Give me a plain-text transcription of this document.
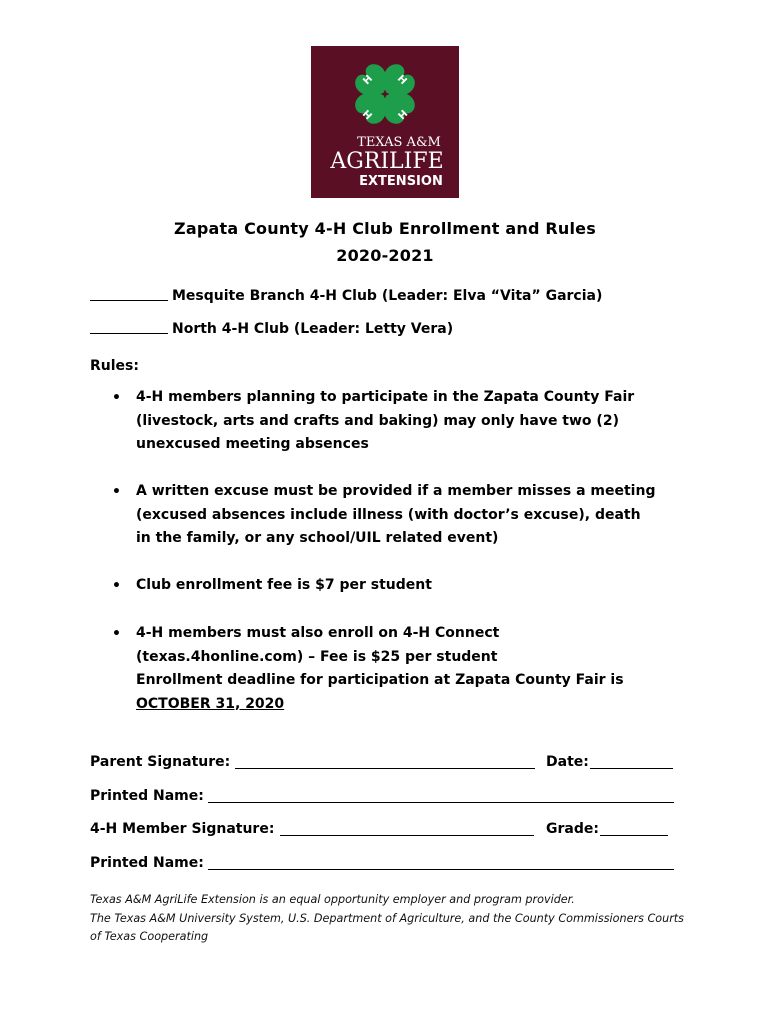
H H
H H
TEXAS A&M
AGRILIFE
EXTENSION
Zapata County 4-H Club Enrollment and Rules
2020-2021
Mesquite Branch 4-H Club (Leader: Elva “Vita” Garcia)
North 4-H Club (Leader: Letty Vera)
Rules:
• 4-H members planning to participate in the Zapata County Fair
(livestock, arts and crafts and baking) may only have two (2)
unexcused meeting absences
• A written excuse must be provided if a member misses a meeting
(excused absences include illness (with doctor’s excuse), death
in the family, or any school/UIL related event)
• Club enrollment fee is $7 per student
• 4-H members must also enroll on 4-H Connect
(texas.4honline.com) – Fee is $25 per student
Enrollment deadline for participation at Zapata County Fair is
OCTOBER 31, 2020
Parent Signature:	Date:
Printed Name:
4-H Member Signature:	Grade:
Printed Name:
Texas A&M AgriLife Extension is an equal opportunity employer and program provider.
The Texas A&M University System, U.S. Department of Agriculture, and the County Commissioners Courts
of Texas Cooperating
